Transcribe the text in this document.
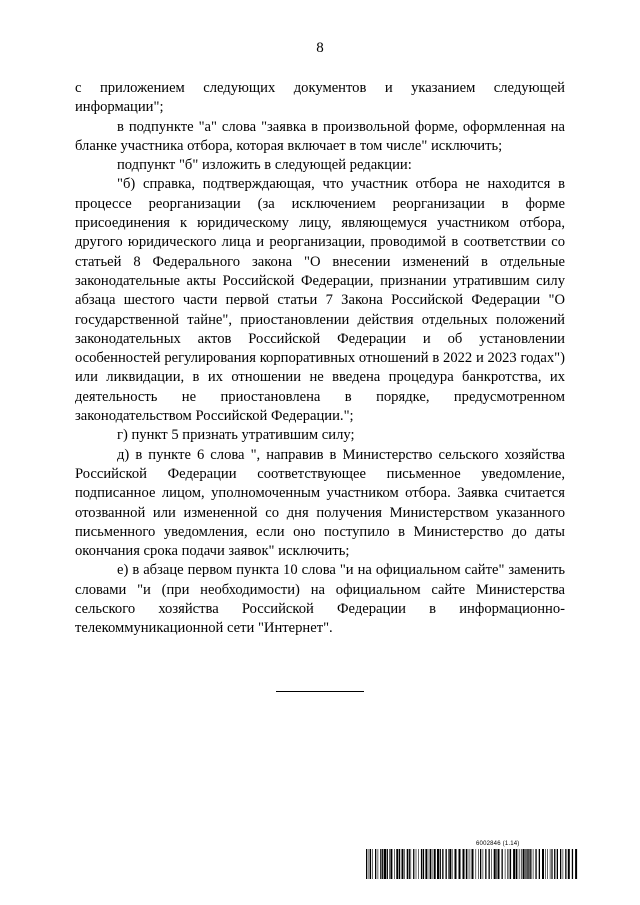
8

с приложением следующих документов и указанием следующей информации";

в подпункте "а" слова "заявка в произвольной форме, оформленная на бланке участника отбора, которая включает в том числе" исключить;

подпункт "б" изложить в следующей редакции:

"б) справка, подтверждающая, что участник отбора не находится в процессе реорганизации (за исключением реорганизации в форме присоединения к юридическому лицу, являющемуся участником отбора, другого юридического лица и реорганизации, проводимой в соответствии со статьей 8 Федерального закона "О внесении изменений в отдельные законодательные акты Российской Федерации, признании утратившим силу абзаца шестого части первой статьи 7 Закона Российской Федерации "О государственной тайне", приостановлении действия отдельных положений законодательных актов Российской Федерации и об установлении особенностей регулирования корпоративных отношений в 2022 и 2023 годах") или ликвидации, в их отношении не введена процедура банкротства, их деятельность не приостановлена в порядке, предусмотренном законодательством Российской Федерации.";

г) пункт 5 признать утратившим силу;

д) в пункте 6 слова ", направив в Министерство сельского хозяйства Российской Федерации соответствующее письменное уведомление, подписанное лицом, уполномоченным участником отбора. Заявка считается отозванной или измененной со дня получения Министерством указанного письменного уведомления, если оно поступило в Министерство до даты окончания срока подачи заявок" исключить;

е) в абзаце первом пункта 10 слова "и на официальном сайте" заменить словами "и (при необходимости) на официальном сайте Министерства сельского хозяйства Российской Федерации в информационно-телекоммуникационной сети "Интернет".

6002846 (1.14)
